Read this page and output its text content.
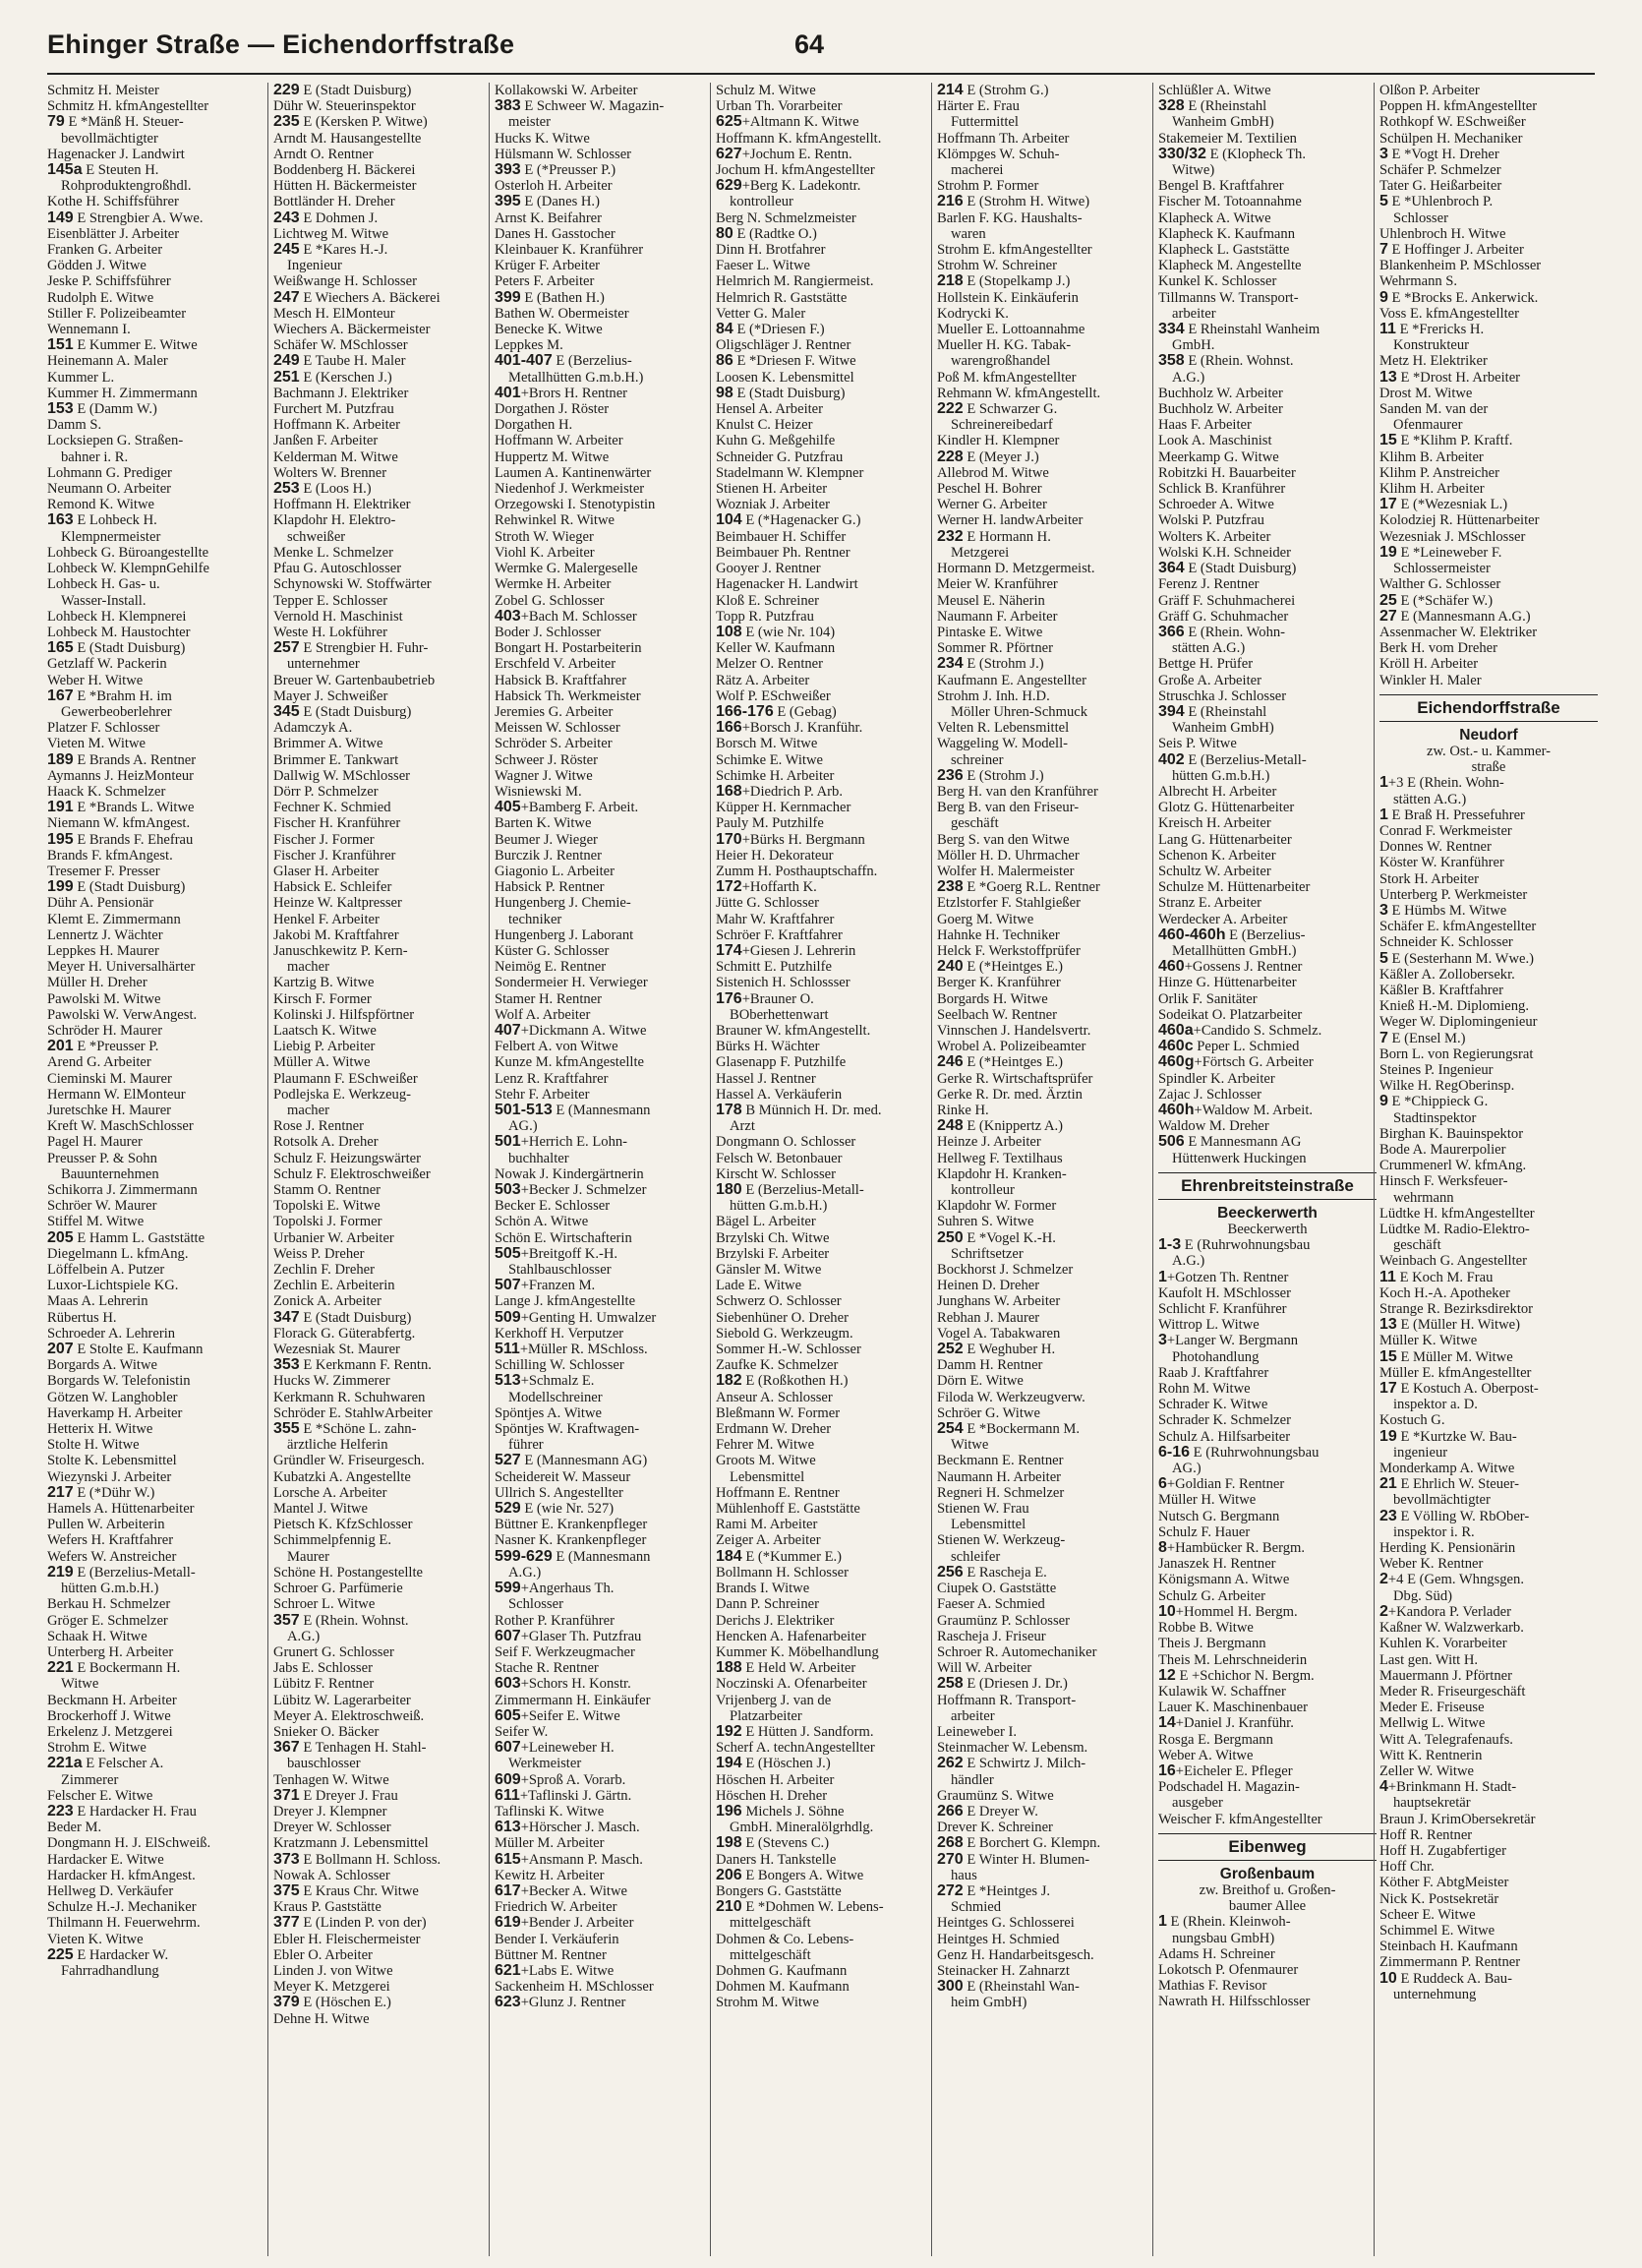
Ehinger Straße — Eichendorffstraße	64
Schmitz H. Meister
Schmitz H. kfmAngestellter
79 E *Mänß H. Steuer-
bevollmächtigter
Hagenacker J. Landwirt
145a E Steuten H.
Rohproduktengroßhdl.
Kothe H. Schiffsführer
149 E Strengbier A. Wwe.
Eisenblätter J. Arbeiter
Franken G. Arbeiter
Gödden J. Witwe
Jeske P. Schiffsführer
Rudolph E. Witwe
Stiller F. Polizeibeamter
Wennemann I.
151 E Kummer E. Witwe
Heinemann A. Maler
Kummer L.
Kummer H. Zimmermann
153 E (Damm W.)
Damm S.
Locksiepen G. Straßen-
bahner i. R.
Lohmann G. Prediger
Neumann O. Arbeiter
Remond K. Witwe
163 E Lohbeck H.
Klempnermeister
Lohbeck G. Büroangestellte
Lohbeck W. KlempnGehilfe
Lohbeck H. Gas- u.
Wasser-Install.
Lohbeck H. Klempnerei
Lohbeck M. Haustochter
165 E (Stadt Duisburg)
Getzlaff W. Packerin
Weber H. Witwe
167 E *Brahm H. im
Gewerbeoberlehrer
Platzer F. Schlosser
Vieten M. Witwe
189 E Brands A. Rentner
Aymanns J. HeizMonteur
Haack K. Schmelzer
191 E *Brands L. Witwe
Niemann W. kfmAngest.
195 E Brands F. Ehefrau
Brands F. kfmAngest.
Tresemer F. Presser
199 E (Stadt Duisburg)
Dühr A. Pensionär
Klemt E. Zimmermann
Lennertz J. Wächter
Leppkes H. Maurer
Meyer H. Universalhärter
Müller H. Dreher
Pawolski M. Witwe
Pawolski W. VerwAngest.
Schröder H. Maurer
201 E *Preusser P.
Arend G. Arbeiter
Cieminski M. Maurer
Hermann W. ElMonteur
Juretschke H. Maurer
Kreft W. MaschSchlosser
Pagel H. Maurer
Preusser P. & Sohn
Bauunternehmen
Schikorra J. Zimmermann
Schröer W. Maurer
Stiffel M. Witwe
205 E Hamm L. Gaststätte
Diegelmann L. kfmAng.
Löffelbein A. Putzer
Luxor-Lichtspiele KG.
Maas A. Lehrerin
Rübertus H.
Schroeder A. Lehrerin
207 E Stolte E. Kaufmann
Borgards A. Witwe
Borgards W. Telefonistin
Götzen W. Langhobler
Haverkamp H. Arbeiter
Hetterix H. Witwe
Stolte H. Witwe
Stolte K. Lebensmittel
Wiezynski J. Arbeiter
217 E (*Dühr W.)
Hamels A. Hüttenarbeiter
Pullen W. Arbeiterin
Wefers H. Kraftfahrer
Wefers W. Anstreicher
219 E (Berzelius-Metall-
hütten G.m.b.H.)
Berkau H. Schmelzer
Gröger E. Schmelzer
Schaak H. Witwe
Unterberg H. Arbeiter
221 E Bockermann H.
Witwe
Beckmann H. Arbeiter
Brockerhoff J. Witwe
Erkelenz J. Metzgerei
Strohm E. Witwe
221a E Felscher A.
Zimmerer
Felscher E. Witwe
223 E Hardacker H. Frau
Beder M.
Dongmann H. J. ElSchweiß.
Hardacker E. Witwe
Hardacker H. kfmAngest.
Hellweg D. Verkäufer
Schulze H.-J. Mechaniker
Thilmann H. Feuerwehrm.
Vieten K. Witwe
225 E Hardacker W.
Fahrradhandlung
229 E (Stadt Duisburg)
Dühr W. Steuerinspektor
235 E (Kersken P. Witwe)
Arndt M. Hausangestellte
Arndt O. Rentner
Boddenberg H. Bäckerei
Hütten H. Bäckermeister
Bottländer H. Dreher
243 E Dohmen J.
Lichtweg M. Witwe
245 E *Kares H.-J.
Ingenieur
Weißwange H. Schlosser
247 E Wiechers A. Bäckerei
Mesch H. ElMonteur
Wiechers A. Bäckermeister
Schäfer W. MSchlosser
249 E Taube H. Maler
251 E (Kerschen J.)
Bachmann J. Elektriker
Furchert M. Putzfrau
Hoffmann K. Arbeiter
Janßen F. Arbeiter
Kelderman M. Witwe
Wolters W. Brenner
253 E (Loos H.)
Hoffmann H. Elektriker
Klapdohr H. Elektro-
schweißer
Menke L. Schmelzer
Pfau G. Autoschlosser
Schynowski W. Stoffwärter
Tepper E. Schlosser
Vernold H. Maschinist
Weste H. Lokführer
257 E Strengbier H. Fuhr-
unternehmer
Breuer W. Gartenbaubetrieb
Mayer J. Schweißer
345 E (Stadt Duisburg)
Adamczyk A.
Brimmer A. Witwe
Brimmer E. Tankwart
Dallwig W. MSchlosser
Dörr P. Schmelzer
Fechner K. Schmied
Fischer H. Kranführer
Fischer J. Former
Fischer J. Kranführer
Glaser H. Arbeiter
Habsick E. Schleifer
Heinze W. Kaltpresser
Henkel F. Arbeiter
Jakobi M. Kraftfahrer
Januschkewitz P. Kern-
macher
Kartzig B. Witwe
Kirsch F. Former
Kolinski J. Hilfspförtner
Laatsch K. Witwe
Liebig P. Arbeiter
Müller A. Witwe
Plaumann F. ESchweißer
Podlejska E. Werkzeug-
macher
Rose J. Rentner
Rotsolk A. Dreher
Schulz F. Heizungswärter
Schulz F. Elektroschweißer
Stamm O. Rentner
Topolski E. Witwe
Topolski J. Former
Urbanier W. Arbeiter
Weiss P. Dreher
Zechlin F. Dreher
Zechlin E. Arbeiterin
Zonick A. Arbeiter
347 E (Stadt Duisburg)
Florack G. Güterabfertg.
Wezesniak St. Maurer
353 E Kerkmann F. Rentn.
Hucks W. Zimmerer
Kerkmann R. Schuhwaren
Schröder E. StahlwArbeiter
355 E *Schöne L. zahn-
ärztliche Helferin
Gründler W. Friseurgesch.
Kubatzki A. Angestellte
Lorsche A. Arbeiter
Mantel J. Witwe
Pietsch K. KfzSchlosser
Schimmelpfennig E.
Maurer
Schöne H. Postangestellte
Schroer G. Parfümerie
Schroer L. Witwe
357 E (Rhein. Wohnst.
A.G.)
Grunert G. Schlosser
Jabs E. Schlosser
Lübitz F. Rentner
Lübitz W. Lagerarbeiter
Meyer A. Elektroschweiß.
Snieker O. Bäcker
367 E Tenhagen H. Stahl-
bauschlosser
Tenhagen W. Witwe
371 E Dreyer J. Frau
Dreyer J. Klempner
Dreyer W. Schlosser
Kratzmann J. Lebensmittel
373 E Bollmann H. Schloss.
Nowak A. Schlosser
375 E Kraus Chr. Witwe
Kraus P. Gaststätte
377 E (Linden P. von der)
Ebler H. Fleischermeister
Ebler O. Arbeiter
Linden J. von Witwe
Meyer K. Metzgerei
379 E (Höschen E.)
Dehne H. Witwe
Kollakowski W. Arbeiter
383 E Schweer W. Magazin-
meister
Hucks K. Witwe
Hülsmann W. Schlosser
393 E (*Preusser P.)
Osterloh H. Arbeiter
395 E (Danes H.)
Arnst K. Beifahrer
Danes H. Gasstocher
Kleinbauer K. Kranführer
Krüger F. Arbeiter
Peters F. Arbeiter
399 E (Bathen H.)
Bathen W. Obermeister
Benecke K. Witwe
Leppkes M.
401-407 E (Berzelius-
Metallhütten G.m.b.H.)
401+Brors H. Rentner
Dorgathen J. Röster
Dorgathen H.
Hoffmann W. Arbeiter
Huppertz M. Witwe
Laumen A. Kantinenwärter
Niedenhof J. Werkmeister
Orzegowski I. Stenotypistin
Rehwinkel R. Witwe
Stroth W. Wieger
Viohl K. Arbeiter
Wermke G. Malergeselle
Wermke H. Arbeiter
Zobel G. Schlosser
403+Bach M. Schlosser
Boder J. Schlosser
Bongart H. Postarbeiterin
Erschfeld V. Arbeiter
Habsick B. Kraftfahrer
Habsick Th. Werkmeister
Jeremies G. Arbeiter
Meissen W. Schlosser
Schröder S. Arbeiter
Schweer J. Röster
Wagner J. Witwe
Wisniewski M.
405+Bamberg F. Arbeit.
Barten K. Witwe
Beumer J. Wieger
Burczik J. Rentner
Giagonio L. Arbeiter
Habsick P. Rentner
Hungenberg J. Chemie-
techniker
Hungenberg J. Laborant
Küster G. Schlosser
Neimög E. Rentner
Sondermeier H. Verwieger
Stamer H. Rentner
Wolf A. Arbeiter
407+Dickmann A. Witwe
Felbert A. von Witwe
Kunze M. kfmAngestellte
Lenz R. Kraftfahrer
Stehr F. Arbeiter
501-513 E (Mannesmann
AG.)
501+Herrich E. Lohn-
buchhalter
Nowak J. Kindergärtnerin
503+Becker J. Schmelzer
Becker E. Schlosser
Schön A. Witwe
Schön E. Wirtschafterin
505+Breitgoff K.-H.
Stahlbauschlosser
507+Franzen M.
Lange J. kfmAngestellte
509+Genting H. Umwalzer
Kerkhoff H. Verputzer
511+Müller R. MSchloss.
Schilling W. Schlosser
513+Schmalz E.
Modellschreiner
Spöntjes A. Witwe
Spöntjes W. Kraftwagen-
führer
527 E (Mannesmann AG)
Scheidereit W. Masseur
Ullrich S. Angestellter
529 E (wie Nr. 527)
Büttner E. Krankenpfleger
Nasner K. Krankenpfleger
599-629 E (Mannesmann
A.G.)
599+Angerhaus Th.
Schlosser
Rother P. Kranführer
607+Glaser Th. Putzfrau
Seif F. Werkzeugmacher
Stache R. Rentner
603+Schors H. Konstr.
Zimmermann H. Einkäufer
605+Seifer E. Witwe
Seifer W.
607+Leineweber H.
Werkmeister
609+Sproß A. Vorarb.
611+Taflinski J. Gärtn.
Taflinski K. Witwe
613+Hörscher J. Masch.
Müller M. Arbeiter
615+Ansmann P. Masch.
Kewitz H. Arbeiter
617+Becker A. Witwe
Friedrich W. Arbeiter
619+Bender J. Arbeiter
Bender I. Verkäuferin
Büttner M. Rentner
621+Labs E. Witwe
Sackenheim H. MSchlosser
623+Glunz J. Rentner
Schulz M. Witwe
Urban Th. Vorarbeiter
625+Altmann K. Witwe
Hoffmann K. kfmAngestellt.
627+Jochum E. Rentn.
Jochum H. kfmAngestellter
629+Berg K. Ladekontr.
kontrolleur
Berg N. Schmelzmeister
80 E (Radtke O.)
Dinn H. Brotfahrer
Faeser L. Witwe
Helmrich M. Rangiermeist.
Helmrich R. Gaststätte
Vetter G. Maler
84 E (*Driesen F.)
Oligschläger J. Rentner
86 E *Driesen F. Witwe
Loosen K. Lebensmittel
98 E (Stadt Duisburg)
Hensel A. Arbeiter
Knulst C. Heizer
Kuhn G. Meßgehilfe
Schneider G. Putzfrau
Stadelmann W. Klempner
Stienen H. Arbeiter
Wozniak J. Arbeiter
104 E (*Hagenacker G.)
Beimbauer H. Schiffer
Beimbauer Ph. Rentner
Gooyer J. Rentner
Hagenacker H. Landwirt
Kloß E. Schreiner
Topp R. Putzfrau
108 E (wie Nr. 104)
Keller W. Kaufmann
Melzer O. Rentner
Rätz A. Arbeiter
Wolf P. ESchweißer
166-176 E (Gebag)
166+Borsch J. Kranführ.
Borsch M. Witwe
Schimke E. Witwe
Schimke H. Arbeiter
168+Diedrich P. Arb.
Küpper H. Kernmacher
Pauly M. Putzhilfe
170+Bürks H. Bergmann
Heier H. Dekorateur
Zumm H. Posthauptschaffn.
172+Hoffarth K.
Jütte G. Schlosser
Mahr W. Kraftfahrer
Schröer F. Kraftfahrer
174+Giesen J. Lehrerin
Schmitt E. Putzhilfe
Sistenich H. Schlossser
176+Brauner O.
BOberhettenwart
Brauner W. kfmAngestellt.
Bürks H. Wächter
Glasenapp F. Putzhilfe
Hassel J. Rentner
Hassel A. Verkäuferin
178 B Münnich H. Dr. med.
Arzt
Dongmann O. Schlosser
Felsch W. Betonbauer
Kirscht W. Schlosser
180 E (Berzelius-Metall-
hütten G.m.b.H.)
Bägel L. Arbeiter
Brzylski Ch. Witwe
Brzylski F. Arbeiter
Gänsler M. Witwe
Lade E. Witwe
Schwerz O. Schlosser
Siebenhüner O. Dreher
Siebold G. Werkzeugm.
Sommer H.-W. Schlosser
Zaufke K. Schmelzer
182 E (Roßkothen H.)
Anseur A. Schlosser
Bleßmann W. Former
Erdmann W. Dreher
Fehrer M. Witwe
Groots M. Witwe
Lebensmittel
Hoffmann E. Rentner
Mühlenhoff E. Gaststätte
Rami M. Arbeiter
Zeiger A. Arbeiter
184 E (*Kummer E.)
Bollmann H. Schlosser
Brands I. Witwe
Dann P. Schreiner
Derichs J. Elektriker
Hencken A. Hafenarbeiter
Kummer K. Möbelhandlung
188 E Held W. Arbeiter
Noczinski A. Ofenarbeiter
Vrijenberg J. van de
Platzarbeiter
192 E Hütten J. Sandform.
Scherf A. technAngestellter
194 E (Höschen J.)
Höschen H. Arbeiter
Höschen H. Dreher
196 Michels J. Söhne
GmbH. Mineralölgrhdlg.
198 E (Stevens C.)
Daners H. Tankstelle
206 E Bongers A. Witwe
Bongers G. Gaststätte
210 E *Dohmen W. Lebens-
mittelgeschäft
Dohmen & Co. Lebens-
mittelgeschäft
Dohmen G. Kaufmann
Dohmen M. Kaufmann
Strohm M. Witwe
214 E (Strohm G.)
Härter E. Frau
Futtermittel
Hoffmann Th. Arbeiter
Klömpges W. Schuh-
macherei
Strohm P. Former
216 E (Strohm H. Witwe)
Barlen F. KG. Haushalts-
waren
Strohm E. kfmAngestellter
Strohm W. Schreiner
218 E (Stopelkamp J.)
Hollstein K. Einkäuferin
Kodrycki K.
Mueller E. Lottoannahme
Mueller H. KG. Tabak-
warengroßhandel
Poß M. kfmAngestellter
Rehmann W. kfmAngestellt.
222 E Schwarzer G.
Schreinereibedarf
Kindler H. Klempner
228 E (Meyer J.)
Allebrod M. Witwe
Peschel H. Bohrer
Werner G. Arbeiter
Werner H. landwArbeiter
232 E Hormann H.
Metzgerei
Hormann D. Metzgermeist.
Meier W. Kranführer
Meusel E. Näherin
Naumann F. Arbeiter
Pintaske E. Witwe
Sommer R. Pförtner
234 E (Strohm J.)
Kaufmann E. Angestellter
Strohm J. Inh. H.D.
Möller Uhren-Schmuck
Velten R. Lebensmittel
Waggeling W. Modell-
schreiner
236 E (Strohm J.)
Berg H. van den Kranführer
Berg B. van den Friseur-
geschäft
Berg S. van den Witwe
Möller H. D. Uhrmacher
Wolfer H. Malermeister
238 E *Goerg R.L. Rentner
Etzlstorfer F. Stahlgießer
Goerg M. Witwe
Hahnke H. Techniker
Helck F. Werkstoffprüfer
240 E (*Heintges E.)
Berger K. Kranführer
Borgards H. Witwe
Seelbach W. Rentner
Vinnschen J. Handelsvertr.
Wrobel A. Polizeibeamter
246 E (*Heintges E.)
Gerke R. Wirtschaftsprüfer
Gerke R. Dr. med. Ärztin
Rinke H.
248 E (Knippertz A.)
Heinze J. Arbeiter
Hellweg F. Textilhaus
Klapdohr H. Kranken-
kontrolleur
Klapdohr W. Former
Suhren S. Witwe
250 E *Vogel K.-H.
Schriftsetzer
Bockhorst J. Schmelzer
Heinen D. Dreher
Junghans W. Arbeiter
Rebhan J. Maurer
Vogel A. Tabakwaren
252 E Weghuber H.
Damm H. Rentner
Dörn E. Witwe
Filoda W. Werkzeugverw.
Schröer G. Witwe
254 E *Bockermann M.
Witwe
Beckmann E. Rentner
Naumann H. Arbeiter
Regneri H. Schmelzer
Stienen W. Frau
Lebensmittel
Stienen W. Werkzeug-
schleifer
256 E Rascheja E.
Ciupek O. Gaststätte
Faeser A. Schmied
Graumünz P. Schlosser
Rascheja J. Friseur
Schroer R. Automechaniker
Will W. Arbeiter
258 E (Driesen J. Dr.)
Hoffmann R. Transport-
arbeiter
Leineweber I.
Steinmacher W. Lebensm.
262 E Schwirtz J. Milch-
händler
Graumünz S. Witwe
266 E Dreyer W.
Drever K. Schreiner
268 E Borchert G. Klempn.
270 E Winter H. Blumen-
haus
272 E *Heintges J.
Schmied
Heintges G. Schlosserei
Heintges H. Schmied
Genz H. Handarbeitsgesch.
Steinacker H. Zahnarzt
300 E (Rheinstahl Wan-
heim GmbH)
Schlüßler A. Witwe
328 E (Rheinstahl
Wanheim GmbH)
Stakemeier M. Textilien
330/32 E (Klopheck Th.
Witwe)
Bengel B. Kraftfahrer
Fischer M. Totoannahme
Klapheck A. Witwe
Klapheck K. Kaufmann
Klapheck L. Gaststätte
Klapheck M. Angestellte
Kunkel K. Schlosser
Tillmanns W. Transport-
arbeiter
334 E Rheinstahl Wanheim
GmbH.
358 E (Rhein. Wohnst.
A.G.)
Buchholz W. Arbeiter
Buchholz W. Arbeiter
Haas F. Arbeiter
Look A. Maschinist
Meerkamp G. Witwe
Robitzki H. Bauarbeiter
Schlick B. Kranführer
Schroeder A. Witwe
Wolski P. Putzfrau
Wolters K. Arbeiter
Wolski K.H. Schneider
364 E (Stadt Duisburg)
Ferenz J. Rentner
Gräff F. Schuhmacherei
Gräff G. Schuhmacher
366 E (Rhein. Wohn-
stätten A.G.)
Bettge H. Prüfer
Große A. Arbeiter
Struschka J. Schlosser
394 E (Rheinstahl
Wanheim GmbH)
Seis P. Witwe
402 E (Berzelius-Metall-
hütten G.m.b.H.)
Albrecht H. Arbeiter
Glotz G. Hüttenarbeiter
Kreisch H. Arbeiter
Lang G. Hüttenarbeiter
Schenon K. Arbeiter
Schultz W. Arbeiter
Schulze M. Hüttenarbeiter
Stranz E. Arbeiter
Werdecker A. Arbeiter
460-460h E (Berzelius-
Metallhütten GmbH.)
460+Gossens J. Rentner
Hinze G. Hüttenarbeiter
Orlik F. Sanitäter
Sodeikat O. Platzarbeiter
460a+Candido S. Schmelz.
460c Peper L. Schmied
460g+Förtsch G. Arbeiter
Spindler K. Arbeiter
Zajac J. Schlosser
460h+Waldow M. Arbeit.
Waldow M. Dreher
506 E Mannesmann AG
Hüttenwerk Huckingen
Ehrenbreitsteinstraße
Beeckerwerth
Beeckerwerth
1-3 E (Ruhrwohnungsbau
A.G.)
1+Gotzen Th. Rentner
Kaufolt H. MSchlosser
Schlicht F. Kranführer
Wittrop L. Witwe
3+Langer W. Bergmann
Photohandlung
Raab J. Kraftfahrer
Rohn M. Witwe
Schrader K. Witwe
Schrader K. Schmelzer
Schulz A. Hilfsarbeiter
6-16 E (Ruhrwohnungsbau
AG.)
6+Goldian F. Rentner
Müller H. Witwe
Nutsch G. Bergmann
Schulz F. Hauer
8+Hambücker R. Bergm.
Janaszek H. Rentner
Königsmann A. Witwe
Schulz G. Arbeiter
10+Hommel H. Bergm.
Robbe B. Witwe
Theis J. Bergmann
Theis M. Lehrschneiderin
12 E +Schichor N. Bergm.
Kulawik W. Schaffner
Lauer K. Maschinenbauer
14+Daniel J. Kranführ.
Rosga E. Bergmann
Weber A. Witwe
16+Eicheler E. Pfleger
Podschadel H. Magazin-
ausgeber
Weischer F. kfmAngestellter
Eibenweg
Großenbaum
zw. Breithof u. Großen-
baumer Allee
1 E (Rhein. Kleinwoh-
nungsbau GmbH)
Adams H. Schreiner
Lokotsch P. Ofenmaurer
Mathias F. Revisor
Nawrath H. Hilfsschlosser
Olßon P. Arbeiter
Poppen H. kfmAngestellter
Rothkopf W. ESchweißer
Schülpen H. Mechaniker
3 E *Vogt H. Dreher
Schäfer P. Schmelzer
Tater G. Heißarbeiter
5 E *Uhlenbroch P.
Schlosser
Uhlenbroch H. Witwe
7 E Hoffinger J. Arbeiter
Blankenheim P. MSchlosser
Wehrmann S.
9 E *Brocks E. Ankerwick.
Voss E. kfmAngestellter
11 E *Frericks H.
Konstrukteur
Metz H. Elektriker
13 E *Drost H. Arbeiter
Drost M. Witwe
Sanden M. van der
Ofenmaurer
15 E *Klihm P. Kraftf.
Klihm B. Arbeiter
Klihm P. Anstreicher
Klihm H. Arbeiter
17 E (*Wezesniak L.)
Kolodziej R. Hüttenarbeiter
Wezesniak J. MSchlosser
19 E *Leineweber F.
Schlossermeister
Walther G. Schlosser
25 E (*Schäfer W.)
27 E (Mannesmann A.G.)
Assenmacher W. Elektriker
Berk H. vom Dreher
Kröll H. Arbeiter
Winkler H. Maler
Eichendorffstraße
Neudorf
zw. Ost.- u. Kammer-
straße
1+3 E (Rhein. Wohn-
stätten A.G.)
1 E Braß H. Pressefuhrer
Conrad F. Werkmeister
Donnes W. Rentner
Köster W. Kranführer
Stork H. Arbeiter
Unterberg P. Werkmeister
3 E Hümbs M. Witwe
Schäfer E. kfmAngestellter
Schneider K. Schlosser
5 E (Sesterhann M. Wwe.)
Käßler A. Zollobersekr.
Käßler B. Kraftfahrer
Knieß H.-M. Diplomieng.
Weger W. Diplomingenieur
7 E (Ensel M.)
Born L. von Regierungsrat
Steines P. Ingenieur
Wilke H. RegOberinsp.
9 E *Chippieck G.
Stadtinspektor
Birghan K. Bauinspektor
Bode A. Maurerpolier
Crummenerl W. kfmAng.
Hinsch F. Werksfeuer-
wehrmann
Lüdtke H. kfmAngestellter
Lüdtke M. Radio-Elektro-
geschäft
Weinbach G. Angestellter
11 E Koch M. Frau
Koch H.-A. Apotheker
Strange R. Bezirksdirektor
13 E (Müller H. Witwe)
Müller K. Witwe
15 E Müller M. Witwe
Müller E. kfmAngestellter
17 E Kostuch A. Oberpost-
inspektor a. D.
Kostuch G.
19 E *Kurtzke W. Bau-
ingenieur
Monderkamp A. Witwe
21 E Ehrlich W. Steuer-
bevollmächtigter
23 E Völling W. RbOber-
inspektor i. R.
Herding K. Pensionärin
Weber K. Rentner
2+4 E (Gem. Whngsgen.
Dbg. Süd)
2+Kandora P. Verlader
Kaßner W. Walzwerkarb.
Kuhlen K. Vorarbeiter
Last gen. Witt H.
Mauermann J. Pförtner
Meder R. Friseurgeschäft
Meder E. Friseuse
Mellwig L. Witwe
Witt A. Telegrafenaufs.
Witt K. Rentnerin
Zeller W. Witwe
4+Brinkmann H. Stadt-
hauptsekretär
Braun J. KrimObersekretär
Hoff R. Rentner
Hoff H. Zugabfertiger
Hoff Chr.
Köther F. AbtgMeister
Nick K. Postsekretär
Scheer E. Witwe
Schimmel E. Witwe
Steinbach H. Kaufmann
Zimmermann P. Rentner
10 E Ruddeck A. Bau-
unternehmung
